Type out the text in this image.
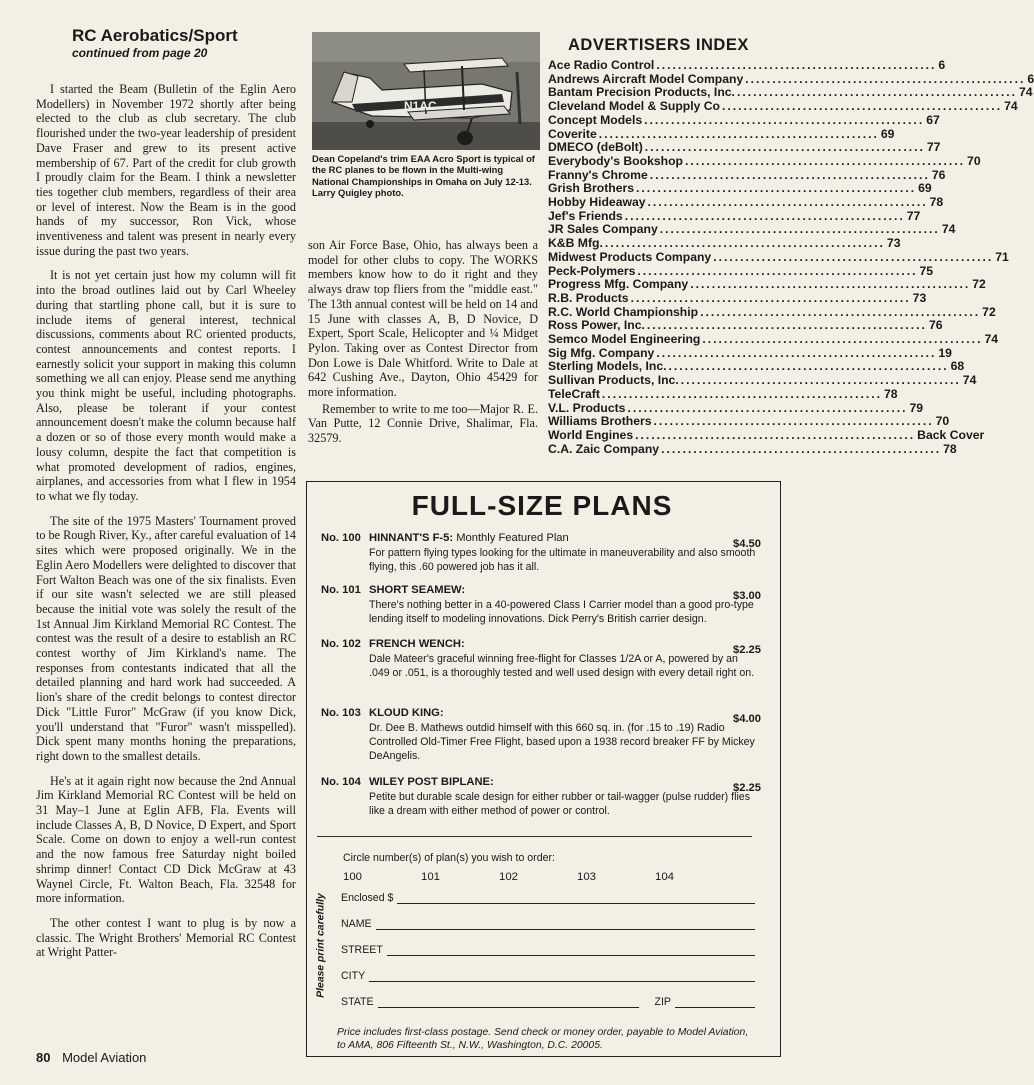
RC Aerobatics/Sport
continued from page 20

I started the Beam (Bulletin of the Eglin Aero Modellers) in November 1972 shortly after being elected to the club as club secretary. The club flourished under the two-year leadership of president Dave Fraser and grew to its present active membership of 67. Part of the credit for club growth I proudly claim for the Beam. I think a newsletter ties together club members, regardless of their area or level of interest. Now the Beam is in the good hands of my successor, Ron Vick, whose inventiveness and talent was present in nearly every issue during the past two years.

It is not yet certain just how my column will fit into the broad outlines laid out by Carl Wheeley during that startling phone call, but it is sure to include items of general interest, technical discussions, comments about RC oriented products, contest announcements and contest reports. I earnestly solicit your support in making this column something we all can enjoy. Please send me anything you think might be useful, including photographs. Also, please be tolerant if your contest announcement doesn't make the column because half a dozen or so of those every month would make a lousy column, despite the fact that competition is what promoted development of radios, engines, airplanes, and accessories from what I flew in 1954 to what we fly today.

The site of the 1975 Masters' Tournament proved to be Rough River, Ky., after careful evaluation of 14 sites which were proposed originally. We in the Eglin Aero Modellers were delighted to discover that Fort Walton Beach was one of the six finalists. Even if our site wasn't selected we are still pleased because the initial vote was solely the result of the 1st Annual Jim Kirkland Memorial RC Contest. The contest was the result of a desire to establish an RC contest worthy of Jim Kirkland's name. The responses from contestants indicated that all the detailed planning and hard work had succeeded. A lion's share of the credit belongs to contest director Dick "Little Furor" McGraw (if you know Dick, you'll understand that "Furor" wasn't misspelled). Dick spent many months honing the preparations, right down to the smallest details.

He's at it again right now because the 2nd Annual Jim Kirkland Memorial RC Contest will be held on 31 May–1 June at Eglin AFB, Fla. Events will include Classes A, B, D Novice, D Expert, and Sport Scale. Come on down to enjoy a well-run contest and the now famous free Saturday night boiled shrimp dinner! Contact CD Dick McGraw at 43 Waynel Circle, Ft. Walton Beach, Fla. 32548 for more information.

The other contest I want to plug is by now a classic. The Wright Brothers' Memorial RC Contest at Wright Patter-

N1AC
Dean Copeland's trim EAA Acro Sport is typical of the RC planes to be flown in the Multi-wing National Championships in Omaha on July 12-13. Larry Quigley photo.

son Air Force Base, Ohio, has always been a model for other clubs to copy. The WORKS members know how to do it right and they always draw top fliers from the "middle east." The 13th annual contest will be held on 14 and 15 June with classes A, B, D Novice, D Expert, Sport Scale, Helicopter and ¼ Midget Pylon. Taking over as Contest Director from Don Lowe is Dale Whitford. Write to Dale at 642 Cushing Ave., Dayton, Ohio 45429 for more information.

Remember to write to me too—Major R. E. Van Putte, 12 Connie Drive, Shalimar, Fla. 32579.

ADVERTISERS INDEX
Ace Radio Control .....	6
Andrews Aircraft Model Company .....	6
Bantam Precision Products, Inc. .....	74
Cleveland Model & Supply Co .....	74
Concept Models .....	67
Coverite .....	69
DMECO (deBolt) .....	77
Everybody's Bookshop .....	70
Franny's Chrome .....	76
Grish Brothers .....	69
Hobby Hideaway .....	78
Jef's Friends .....	77
JR Sales Company .....	74
K&B Mfg. .....	73
Midwest Products Company .....	71
Peck-Polymers .....	75
Progress Mfg. Company .....	72
R.B. Products .....	73
R.C. World Championship .....	72
Ross Power, Inc. .....	76
Semco Model Engineering .....	74
Sig Mfg. Company .....	19
Sterling Models, Inc. .....	68
Sullivan Products, Inc. .....	74
TeleCraft .....	78
V.L. Products .....	79
Williams Brothers .....	70
World Engines .....	Back Cover
C.A. Zaic Company .....	78
FULL-SIZE PLANS
No. 100 HINNANT'S F-5: Monthly Featured Plan	$4.50
For pattern flying types looking for the ultimate in maneuverability and also smooth flying, this .60 powered job has it all.
No. 101 SHORT SEAMEW:	$3.00
There's nothing better in a 40-powered Class I Carrier model than a good pro-type lending itself to modeling innovations. Dick Perry's British carrier design.
No. 102 FRENCH WENCH:	$2.25
Dale Mateer's graceful winning free-flight for Classes 1/2A or A, powered by an .049 or .051, is a thoroughly tested and well used design with every detail right on.
No. 103 KLOUD KING:	$4.00
Dr. Dee B. Mathews outdid himself with this 660 sq. in. (for .15 to .19) Radio Controlled Old-Timer Free Flight, based upon a 1938 record breaker FF by Mickey DeAngelis.
No. 104 WILEY POST BIPLANE:	$2.25
Petite but durable scale design for either rubber or tail-wagger (pulse rudder) flies like a dream with either method of power or control.
Circle number(s) of plan(s) you wish to order:
100	101	102	103	104
Please print carefully Enclosed $
NAME
STREET
CITY
STATE	ZIP
Price includes first-class postage. Send check or money order, payable to Model Aviation, to AMA, 806 Fifteenth St., N.W., Washington, D.C. 20005.
80 Model Aviation
